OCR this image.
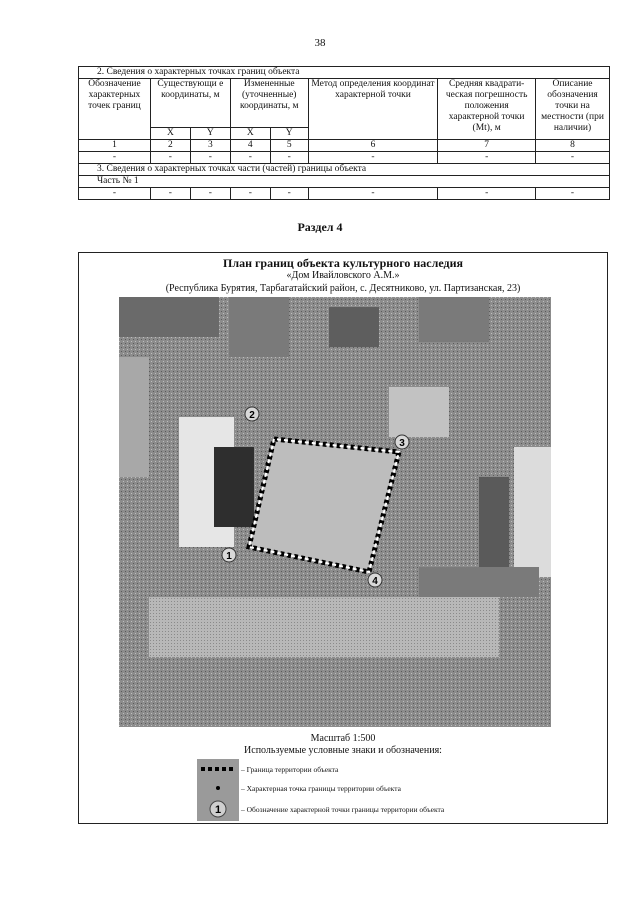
38
2. Сведения о характерных точках границ объекта							
Обозначение характерных точек границ	Существующи е координаты, м		Измененные (уточненные) координаты, м		Метод определения координат характерной точки	Средняя квадрати-ческая погрешность положения характерной точки (Mt), м	Описание обозначения точки на местности (при наличии)
	X	Y	X	Y			
1	2	3	4	5	6	7	8
-	-	-	-	-	-	-	-
3. Сведения о характерных точках части (частей) границы объекта							
Часть № 1							
-	-	-	-	-	-	-	-
Раздел 4
План границ объекта культурного наследия
«Дом Ивайловского А.М.»
(Республика Бурятия, Тарбагатайский район, с. Десятниково, ул. Партизанская, 23)
1
2
3
4
Масштаб 1:500
Используемые условные знаки и обозначения:
1
– Граница территории объекта
– Характерная точка границы территории объекта
– Обозначение характерной точки границы территории объекта
